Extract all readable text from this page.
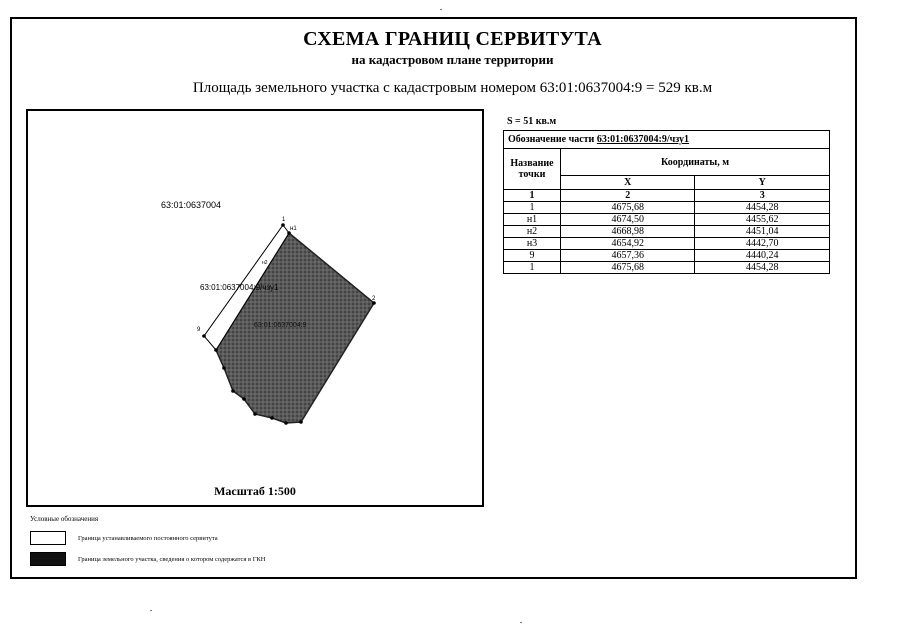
СХЕМА ГРАНИЦ СЕРВИТУТА
на кадастровом плане территории
Площадь земельного участка с кадастровым номером 63:01:0637004:9 = 529 кв.м
63:01:0637004
63:01:0637004:9/чзу1
63:01:0637004:9
1
н1
н2
2
9
Масштаб 1:500
S = 51 кв.м
Обозначение части 63:01:0637004:9/чзу1		
Название точки	Координаты, м	
	X	Y
1	2	3
1	4675,68	4454,28
н1	4674,50	4455,62
н2	4668,98	4451,04
н3	4654,92	4442,70
9	4657,36	4440,24
1	4675,68	4454,28
Условные обозначения
Граница устанавливаемого постоянного сервитута
Граница земельного участка, сведения о котором содержатся в ГКН
